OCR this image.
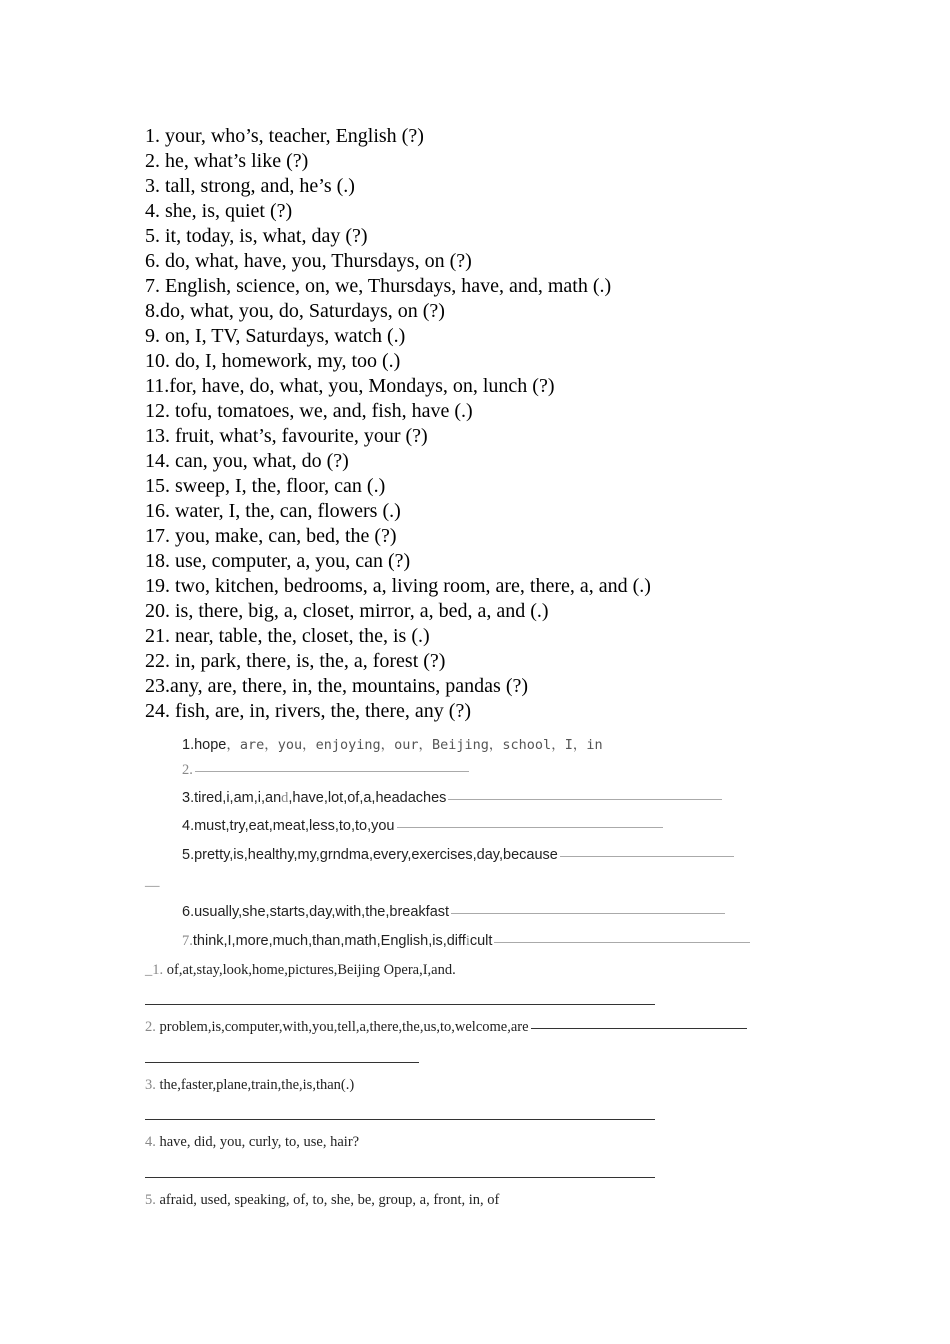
1. your, who’s, teacher, English (?)

2. he, what’s like (?)

3. tall, strong, and, he’s (.)

4. she, is, quiet (?)

5. it, today, is, what, day (?)

6. do, what, have, you, Thursdays, on (?)

7. English, science, on, we, Thursdays, have, and, math (.)

8.do, what, you, do, Saturdays, on (?)

9. on, I, TV, Saturdays, watch (.)

10. do, I, homework, my, too (.)

11.for, have, do, what, you, Mondays, on, lunch (?)

12. tofu, tomatoes, we, and, fish, have (.)

13. fruit, what’s, favourite, your (?)

14. can, you, what, do (?)

15. sweep, I, the, floor, can (.)

16. water, I, the, can, flowers (.)

17. you, make, can, bed, the (?)

18. use, computer, a, you, can (?)

19. two, kitchen, bedrooms, a, living room, are, there, a, and (.)

20. is, there, big, a, closet, mirror, a, bed, a, and (.)

21. near, table, the, closet, the, is (.)

22. in, park, there, is, the, a, forest (?)

23.any, are, there, in, the, mountains, pandas (?)

24. fish, are, in, rivers, the, there, any (?)

1.hope，are，you，enjoying，our，Beijing，school，I，in
2.
3.tired,i,am,i,and,have,lot,of,a,headaches
4.must,try,eat,meat,less,to,to,you
5.pretty,is,healthy,my,grndma,every,exercises,day,because
—
6.usually,she,starts,day,with,the,breakfast
7.think,I,more,much,than,math,English,is,difficult
_1. of,at,stay,look,home,pictures,Beijing Opera,I,and.
2. problem,is,computer,with,you,tell,a,there,the,us,to,welcome,are
3. the,faster,plane,train,the,is,than(.)
4. have, did, you, curly, to, use, hair?
5. afraid, used, speaking, of, to, she, be, group, a, front, in, of
